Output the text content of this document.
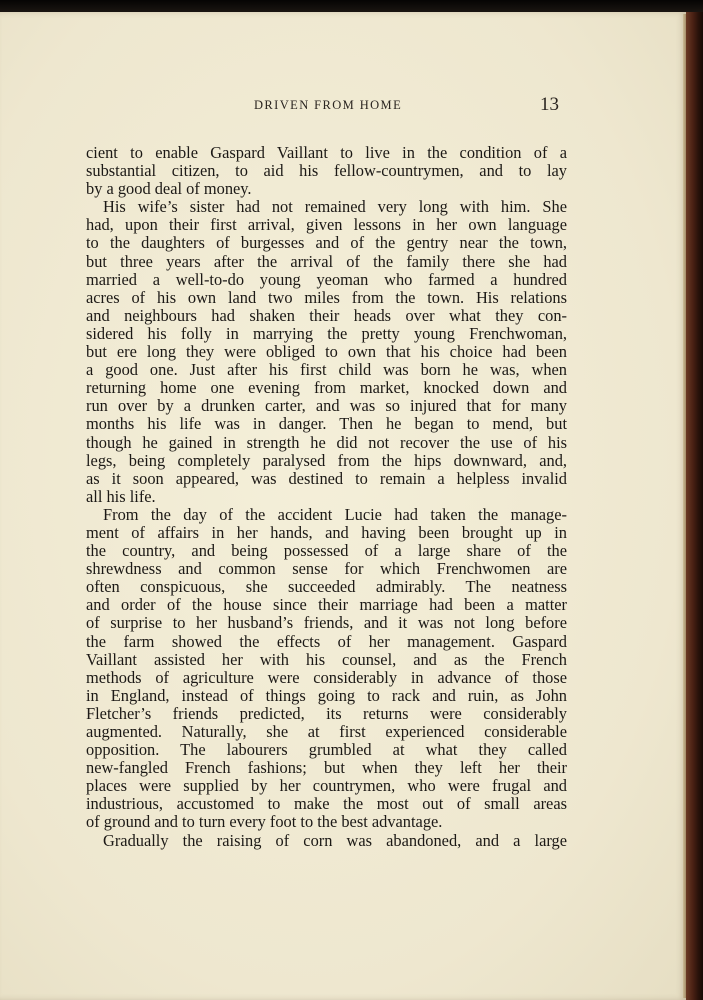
DRIVEN FROM HOME	13
cient to enable Gaspard Vaillant to live in the condition of a
substantial citizen, to aid his fellow-countrymen, and to lay
by a good deal of money.
His wife’s sister had not remained very long with him. She
had, upon their first arrival, given lessons in her own language
to the daughters of burgesses and of the gentry near the town,
but three years after the arrival of the family there she had
married a well-to-do young yeoman who farmed a hundred
acres of his own land two miles from the town. His relations
and neighbours had shaken their heads over what they con-
sidered his folly in marrying the pretty young Frenchwoman,
but ere long they were obliged to own that his choice had been
a good one. Just after his first child was born he was, when
returning home one evening from market, knocked down and
run over by a drunken carter, and was so injured that for many
months his life was in danger. Then he began to mend, but
though he gained in strength he did not recover the use of his
legs, being completely paralysed from the hips downward, and,
as it soon appeared, was destined to remain a helpless invalid
all his life.
From the day of the accident Lucie had taken the manage-
ment of affairs in her hands, and having been brought up in
the country, and being possessed of a large share of the
shrewdness and common sense for which Frenchwomen are
often conspicuous, she succeeded admirably. The neatness
and order of the house since their marriage had been a matter
of surprise to her husband’s friends, and it was not long before
the farm showed the effects of her management. Gaspard
Vaillant assisted her with his counsel, and as the French
methods of agriculture were considerably in advance of those
in England, instead of things going to rack and ruin, as John
Fletcher’s friends predicted, its returns were considerably
augmented. Naturally, she at first experienced considerable
opposition. The labourers grumbled at what they called
new-fangled French fashions; but when they left her their
places were supplied by her countrymen, who were frugal and
industrious, accustomed to make the most out of small areas
of ground and to turn every foot to the best advantage.
Gradually the raising of corn was abandoned, and a large
